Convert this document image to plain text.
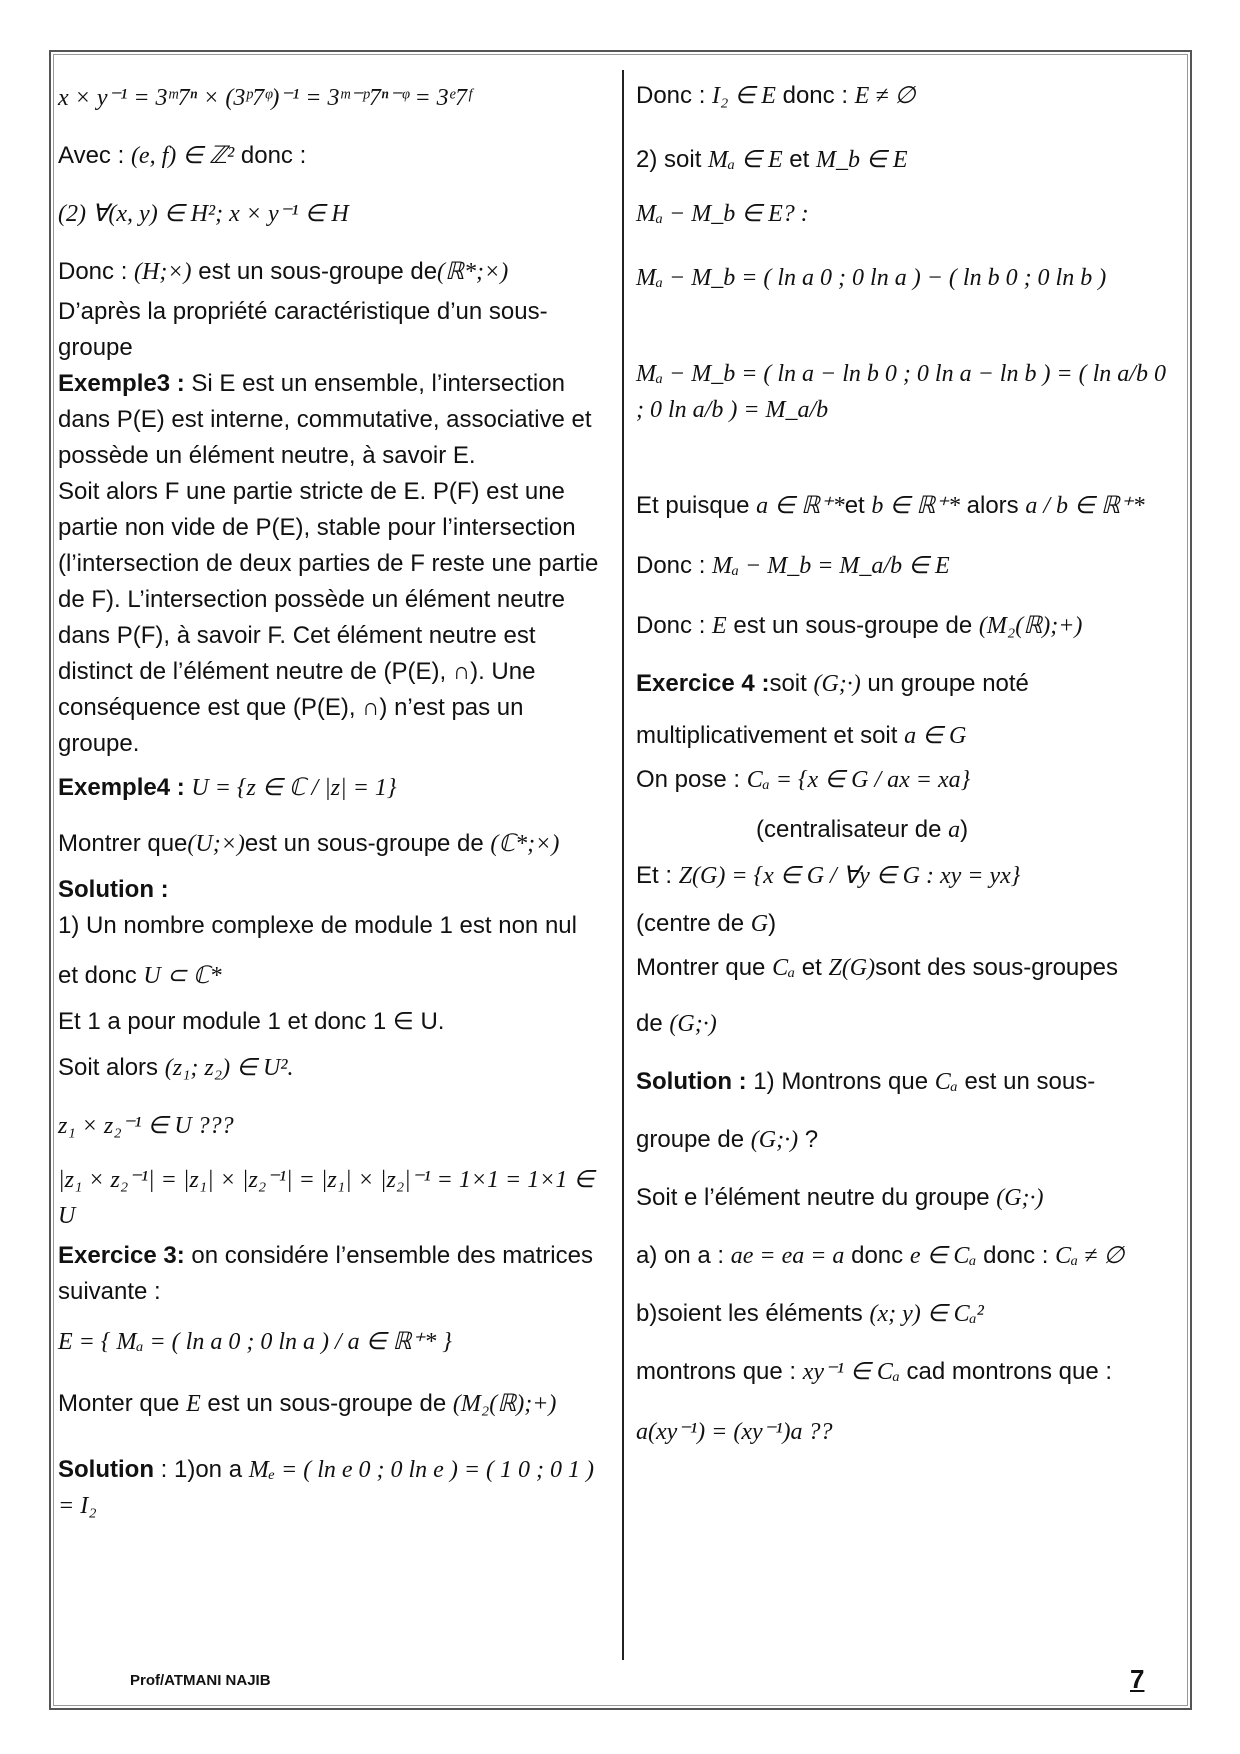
x × y⁻¹ = 3ᵐ7ⁿ × (3ᵖ7ᵠ)⁻¹ = 3ᵐ⁻ᵖ7ⁿ⁻ᵠ = 3ᵉ7ᶠ
Avec : (e, f) ∈ ℤ² donc :
(2) ∀(x, y) ∈ H²; x × y⁻¹ ∈ H
Donc : (H;×) est un sous-groupe de(ℝ*;×)
D’après la propriété caractéristique d’un sous-groupe
Exemple3 : Si E est un ensemble, l’intersection dans P(E) est interne, commutative, associative et possède un élément neutre, à savoir E.
Soit alors F une partie stricte de E. P(F) est une partie non vide de P(E), stable pour l’intersection (l’intersection de deux parties de F reste une partie de F). L’intersection possède un élément neutre dans P(F), à savoir F. Cet élément neutre est distinct de l’élément neutre de (P(E), ∩). Une conséquence est que (P(E), ∩) n’est pas un groupe.
Exemple4 : U = {z ∈ ℂ / |z| = 1}
Montrer que(U;×)est un sous-groupe de (ℂ*;×)
Solution :
1) Un nombre complexe de module 1 est non nul
et donc U ⊂ ℂ*
Et 1 a pour module 1 et donc 1 ∈ U.
Soit alors (z₁; z₂) ∈ U².
z₁ × z₂⁻¹ ∈ U ???
|z₁ × z₂⁻¹| = |z₁| × |z₂⁻¹| = |z₁| × |z₂|⁻¹ = 1×1 = 1×1 ∈ U
Exercice 3: on considére l’ensemble des matrices suivante :
E = { Mₐ = ( ln a 0 ; 0 ln a ) / a ∈ ℝ⁺* }
Monter que E est un sous-groupe de (M₂(ℝ);+)
Solution : 1)on a Mₑ = ( ln e 0 ; 0 ln e ) = ( 1 0 ; 0 1 ) = I₂
Donc : I₂ ∈ E donc : E ≠ ∅
2) soit Mₐ ∈ E et M_b ∈ E
Mₐ − M_b ∈ E? :
Mₐ − M_b = ( ln a 0 ; 0 ln a ) − ( ln b 0 ; 0 ln b )
Mₐ − M_b = ( ln a − ln b 0 ; 0 ln a − ln b ) = ( ln a/b 0 ; 0 ln a/b ) = M_a/b
Et puisque a ∈ ℝ⁺*et b ∈ ℝ⁺* alors a / b ∈ ℝ⁺*
Donc : Mₐ − M_b = M_a/b ∈ E
Donc : E est un sous-groupe de (M₂(ℝ);+)
Exercice 4 :soit (G;·) un groupe noté
multiplicativement et soit a ∈ G
On pose : Cₐ = {x ∈ G / ax = xa}
(centralisateur de a)
Et : Z(G) = {x ∈ G / ∀y ∈ G : xy = yx}
(centre de G)
Montrer que Cₐ et Z(G)sont des sous-groupes
de (G;·)
Solution : 1) Montrons que Cₐ est un sous-
groupe de (G;·) ?
Soit e l’élément neutre du groupe (G;·)
a) on a : ae = ea = a donc e ∈ Cₐ donc : Cₐ ≠ ∅
b)soient les éléments (x; y) ∈ Cₐ²
montrons que : xy⁻¹ ∈ Cₐ cad montrons que :
a(xy⁻¹) = (xy⁻¹)a ??
Prof/ATMANI NAJIB	7
